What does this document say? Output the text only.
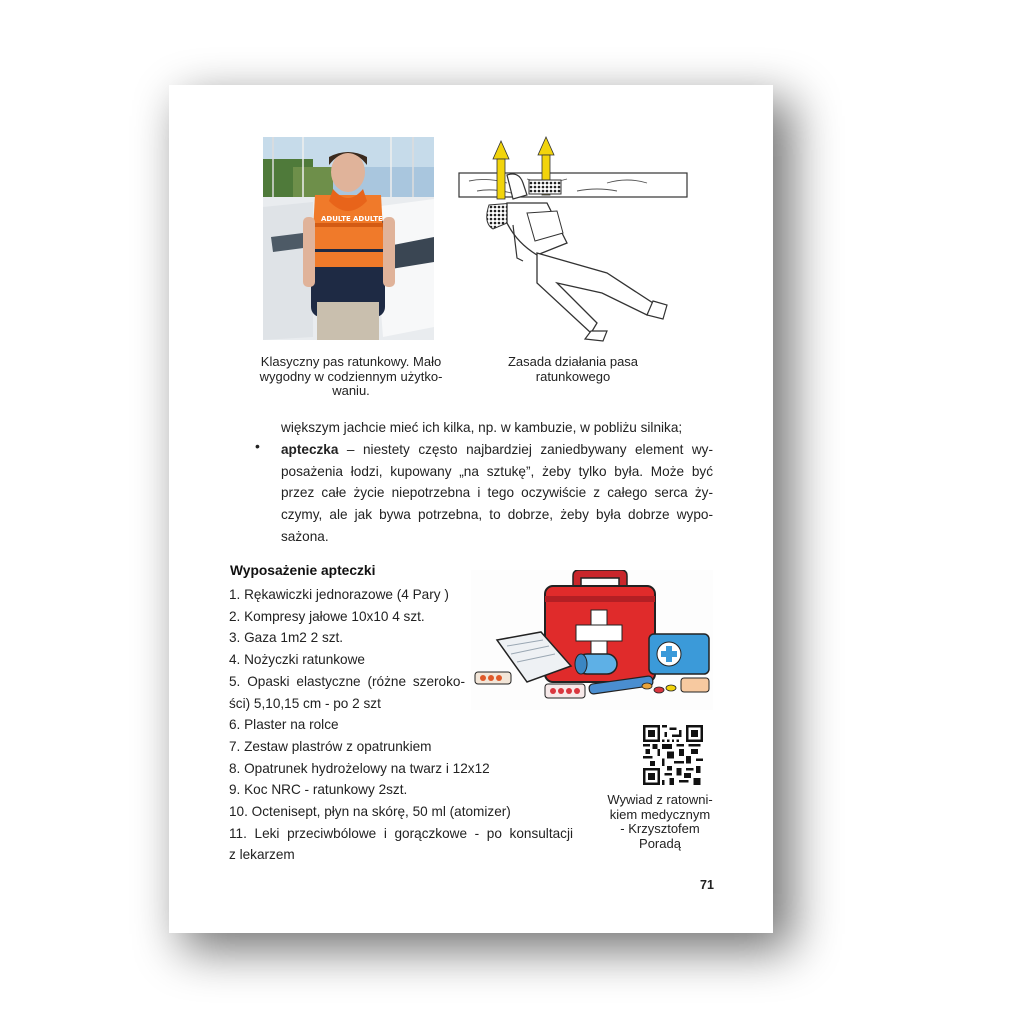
ADULTE ADULTE
Klasyczny pas ratunkowy. Mało
wygodny w codziennym użytko-
waniu.
Zasada działania pasa
ratunkowego
większym jachcie mieć ich kilka, np. w kambuzie, w pobliżu silnika;
apteczka – niestety często najbardziej zaniedbywany element wy-
posażenia łodzi, kupowany „na sztukę”, żeby tylko była. Może być
przez całe życie niepotrzebna i tego oczywiście z całego serca ży-
czymy, ale jak bywa potrzebna, to dobrze, żeby była dobrze wypo-
sażona.
•
Wyposażenie apteczki
1. Rękawiczki jednorazowe (4 Pary )
2. Kompresy jałowe 10x10 4 szt.
3. Gaza 1m2 2 szt.
4. Nożyczki ratunkowe
5. Opaski elastyczne (różne szeroko-
ści) 5,10,15 cm - po 2 szt
6. Plaster na rolce
7. Zestaw plastrów z opatrunkiem
8. Opatrunek hydrożelowy na twarz i 12x12
9. Koc NRC - ratunkowy 2szt.
10. Octenisept, płyn na skórę, 50 ml (atomizer)
11. Leki przeciwbólowe i gorączkowe - po konsultacji
z lekarzem
Wywiad z ratowni-
kiem medycznym
- Krzysztofem
Poradą
71
